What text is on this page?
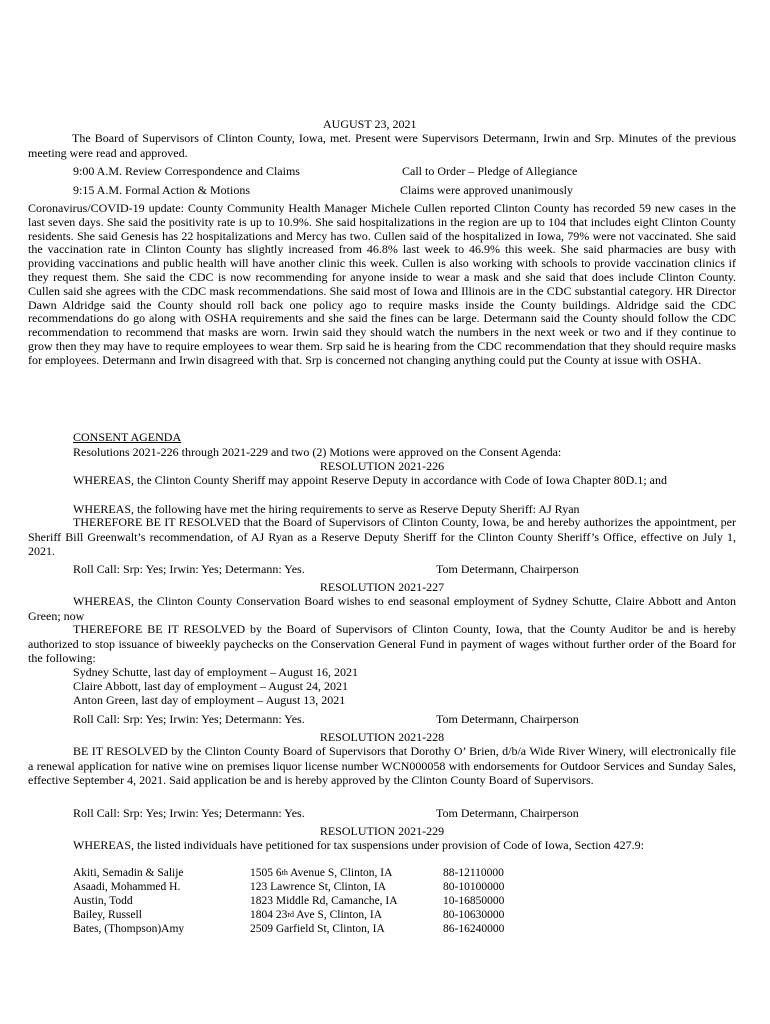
AUGUST 23, 2021
The Board of Supervisors of Clinton County, Iowa, met. Present were Supervisors Determann, Irwin and Srp. Minutes of the previous meeting were read and approved.
9:00 A.M. Review Correspondence and Claims	Call to Order – Pledge of Allegiance
9:15 A.M. Formal Action & Motions	Claims were approved unanimously
Coronavirus/COVID-19 update: County Community Health Manager Michele Cullen reported Clinton County has recorded 59 new cases in the last seven days. She said the positivity rate is up to 10.9%. She said hospitalizations in the region are up to 104 that includes eight Clinton County residents. She said Genesis has 22 hospitalizations and Mercy has two. Cullen said of the hospitalized in Iowa, 79% were not vaccinated. She said the vaccination rate in Clinton County has slightly increased from 46.8% last week to 46.9% this week. She said pharmacies are busy with providing vaccinations and public health will have another clinic this week. Cullen is also working with schools to provide vaccination clinics if they request them. She said the CDC is now recommending for anyone inside to wear a mask and she said that does include Clinton County. Cullen said she agrees with the CDC mask recommendations. She said most of Iowa and Illinois are in the CDC substantial category. HR Director Dawn Aldridge said the County should roll back one policy ago to require masks inside the County buildings. Aldridge said the CDC recommendations do go along with OSHA requirements and she said the fines can be large. Determann said the County should follow the CDC recommendation to recommend that masks are worn. Irwin said they should watch the numbers in the next week or two and if they continue to grow then they may have to require employees to wear them. Srp said he is hearing from the CDC recommendation that they should require masks for employees. Determann and Irwin disagreed with that. Srp is concerned not changing anything could put the County at issue with OSHA.
CONSENT AGENDA
Resolutions 2021-226 through 2021-229 and two (2) Motions were approved on the Consent Agenda:
RESOLUTION 2021-226
WHEREAS, the Clinton County Sheriff may appoint Reserve Deputy in accordance with Code of Iowa Chapter 80D.1; and
WHEREAS, the following have met the hiring requirements to serve as Reserve Deputy Sheriff: AJ Ryan
THEREFORE BE IT RESOLVED that the Board of Supervisors of Clinton County, Iowa, be and hereby authorizes the appointment, per Sheriff Bill Greenwalt’s recommendation, of AJ Ryan as a Reserve Deputy Sheriff for the Clinton County Sheriff’s Office, effective on July 1, 2021.
Roll Call: Srp: Yes; Irwin: Yes; Determann: Yes.	Tom Determann, Chairperson
RESOLUTION 2021-227
WHEREAS, the Clinton County Conservation Board wishes to end seasonal employment of Sydney Schutte, Claire Abbott and Anton Green; now
THEREFORE BE IT RESOLVED by the Board of Supervisors of Clinton County, Iowa, that the County Auditor be and is hereby authorized to stop issuance of biweekly paychecks on the Conservation General Fund in payment of wages without further order of the Board for the following:
Sydney Schutte, last day of employment – August 16, 2021
Claire Abbott, last day of employment – August 24, 2021
Anton Green, last day of employment – August 13, 2021
Roll Call: Srp: Yes; Irwin: Yes; Determann: Yes.	Tom Determann, Chairperson
RESOLUTION 2021-228
BE IT RESOLVED by the Clinton County Board of Supervisors that Dorothy O’ Brien, d/b/a Wide River Winery, will electronically file a renewal application for native wine on premises liquor license number WCN000058 with endorsements for Outdoor Services and Sunday Sales, effective September 4, 2021. Said application be and is hereby approved by the Clinton County Board of Supervisors.
Roll Call: Srp: Yes; Irwin: Yes; Determann: Yes.	Tom Determann, Chairperson
RESOLUTION 2021-229
WHEREAS, the listed individuals have petitioned for tax suspensions under provision of Code of Iowa, Section 427.9:
Akiti, Semadin & Salije	1505 6th Avenue S, Clinton, IA	88-12110000
Asaadi, Mohammed H.	123 Lawrence St, Clinton, IA	80-10100000
Austin, Todd	1823 Middle Rd, Camanche, IA	10-16850000
Bailey, Russell	1804 23rd Ave S, Clinton, IA	80-10630000
Bates, (Thompson)Amy	2509 Garfield St, Clinton, IA	86-16240000
